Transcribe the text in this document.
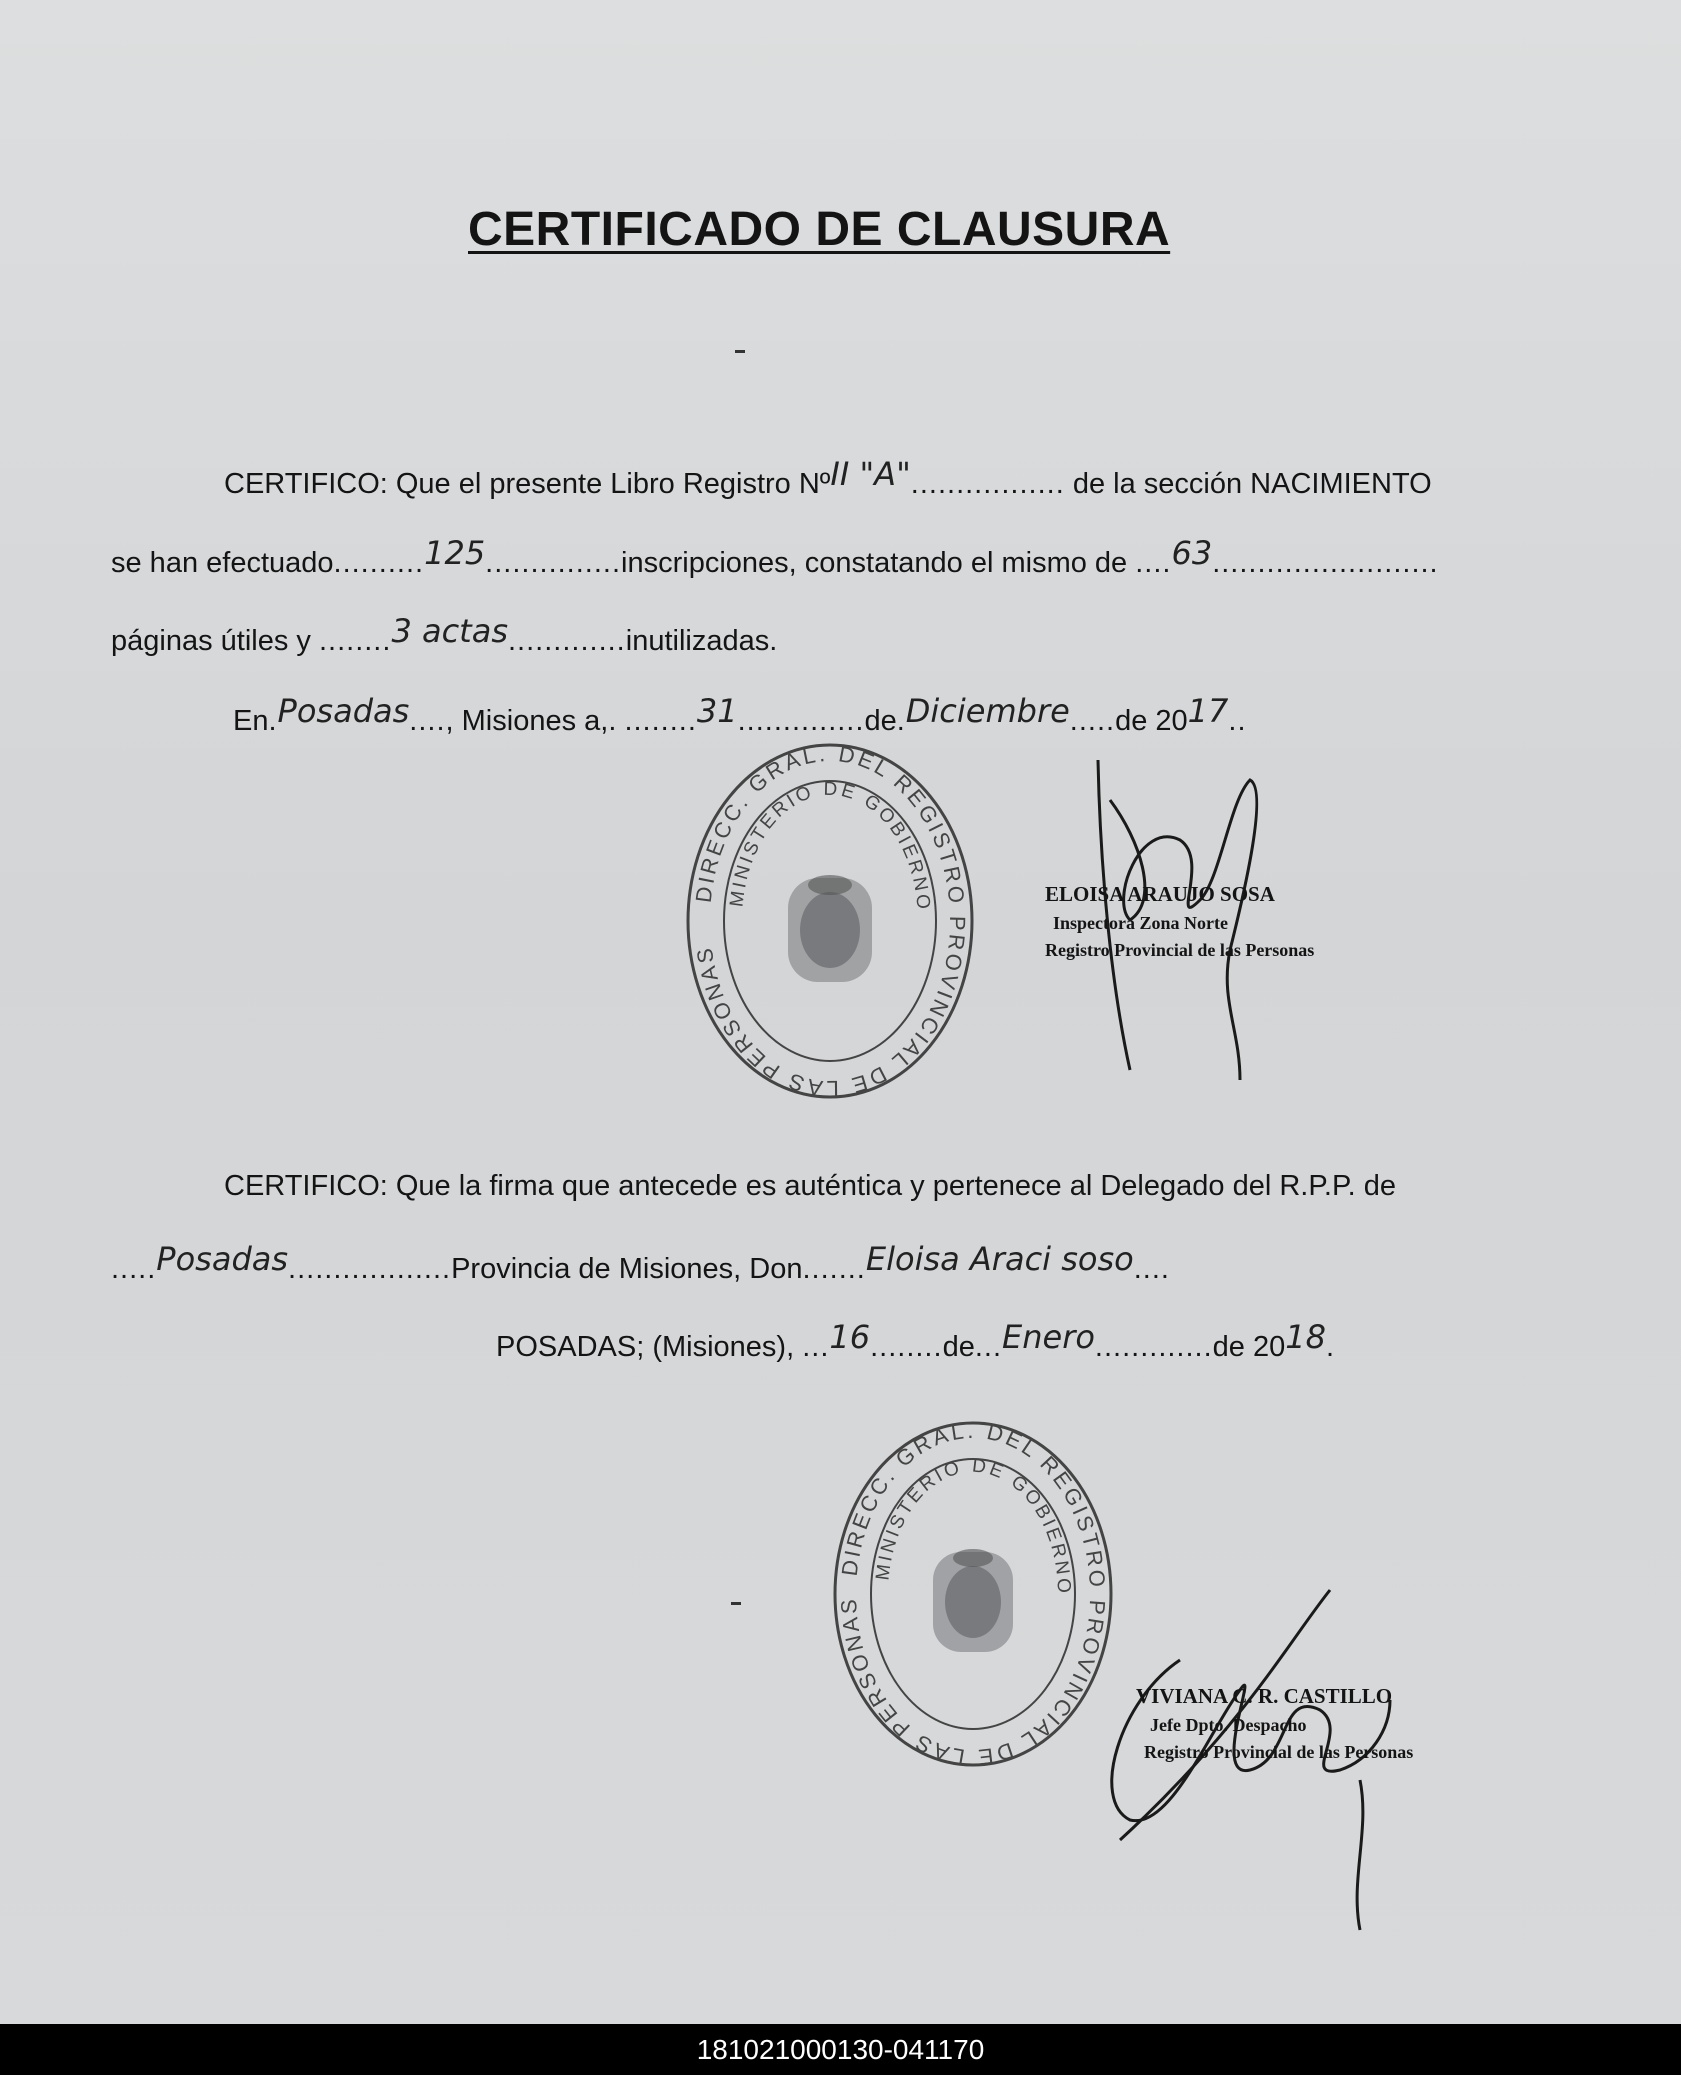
CERTIFICADO DE CLAUSURA
CERTIFICO: Que el presente Libro Registro NºII "A"................. de la sección NACIMIENTO
se han efectuado..........125...............inscripciones, constatando el mismo de ....63.........................
páginas útiles y ........3 actas.............inutilizadas.
En.Posadas...., Misiones a,. ........31..............de.Diciembre.....de 2017..
DIRECC. GRAL. DEL REGISTRO PROVINCIAL DE LAS PERSONAS
MINISTERIO DE GOBIERNO	ELOISA ARAUJO SOSA
Inspectora Zona Norte
Registro Provincial de las Personas
CERTIFICO: Que la firma que antecede es auténtica y pertenece al Delegado del R.P.P. de
.....Posadas..................Provincia de Misiones, Don.......Eloisa Araci soso....
POSADAS; (Misiones), ...16........de...Enero.............de 2018.
DIRECC. GRAL. DEL REGISTRO PROVINCIAL DE LAS PERSONAS
MINISTERIO DE GOBIERNO
VIVIANA C. R. CASTILLO
Jefe Dpto. Despacho
Registro Provincial de las Personas
181021000130-041170
